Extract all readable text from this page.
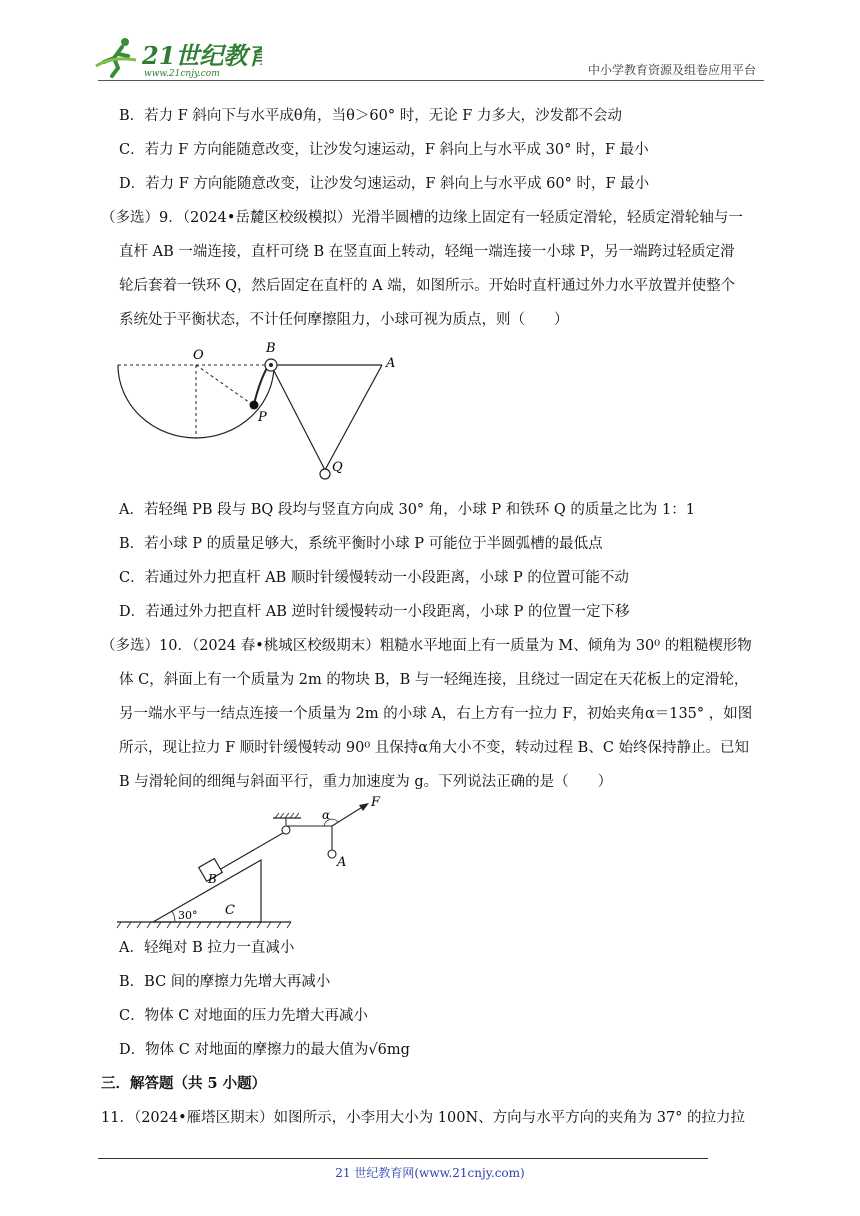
21世纪教育
www.21cnjy.com	中小学教育资源及组卷应用平台
B．若力 F 斜向下与水平成θ角，当θ＞60° 时，无论 F 力多大，沙发都不会动
C．若力 F 方向能随意改变，让沙发匀速运动，F 斜向上与水平成 30° 时，F 最小
D．若力 F 方向能随意改变，让沙发匀速运动，F 斜向上与水平成 60° 时，F 最小
（多选）9．（2024•岳麓区校级模拟）光滑半圆槽的边缘上固定有一轻质定滑轮，轻质定滑轮轴与一
直杆 AB 一端连接，直杆可绕 B 在竖直面上转动，轻绳一端连接一小球 P，另一端跨过轻质定滑
轮后套着一铁环 Q，然后固定在直杆的 A 端，如图所示。开始时直杆通过外力水平放置并使整个
系统处于平衡状态，不计任何摩擦阻力，小球可视为质点，则（　　）
O	B
A
P
Q
A．若轻绳 PB 段与 BQ 段均与竖直方向成 30° 角，小球 P 和铁环 Q 的质量之比为 1：1
B．若小球 P 的质量足够大，系统平衡时小球 P 可能位于半圆弧槽的最低点
C．若通过外力把直杆 AB 顺时针缓慢转动一小段距离，小球 P 的位置可能不动
D．若通过外力把直杆 AB 逆时针缓慢转动一小段距离，小球 P 的位置一定下移
（多选）10．（2024 春•桃城区校级期末）粗糙水平地面上有一质量为 M、倾角为 30⁰ 的粗糙楔形物
体 C，斜面上有一个质量为 2m 的物块 B，B 与一轻绳连接，且绕过一固定在天花板上的定滑轮，
另一端水平与一结点连接一个质量为 2m 的小球 A，右上方有一拉力 F，初始夹角α＝135° ，如图
所示，现让拉力 F 顺时针缓慢转动 90⁰ 且保持α角大小不变，转动过程 B、C 始终保持静止。已知
B 与滑轮间的细绳与斜面平行，重力加速度为 g。下列说法正确的是（　　）
F
α
A
B
C
30°
A．轻绳对 B 拉力一直减小
B．BC 间的摩擦力先增大再减小
C．物体 C 对地面的压力先增大再减小
D．物体 C 对地面的摩擦力的最大值为√6mg
三．解答题（共 5 小题）
11．（2024•雁塔区期末）如图所示，小李用大小为 100N、方向与水平方向的夹角为 37° 的拉力拉
21 世纪教育网(www.21cnjy.com)
